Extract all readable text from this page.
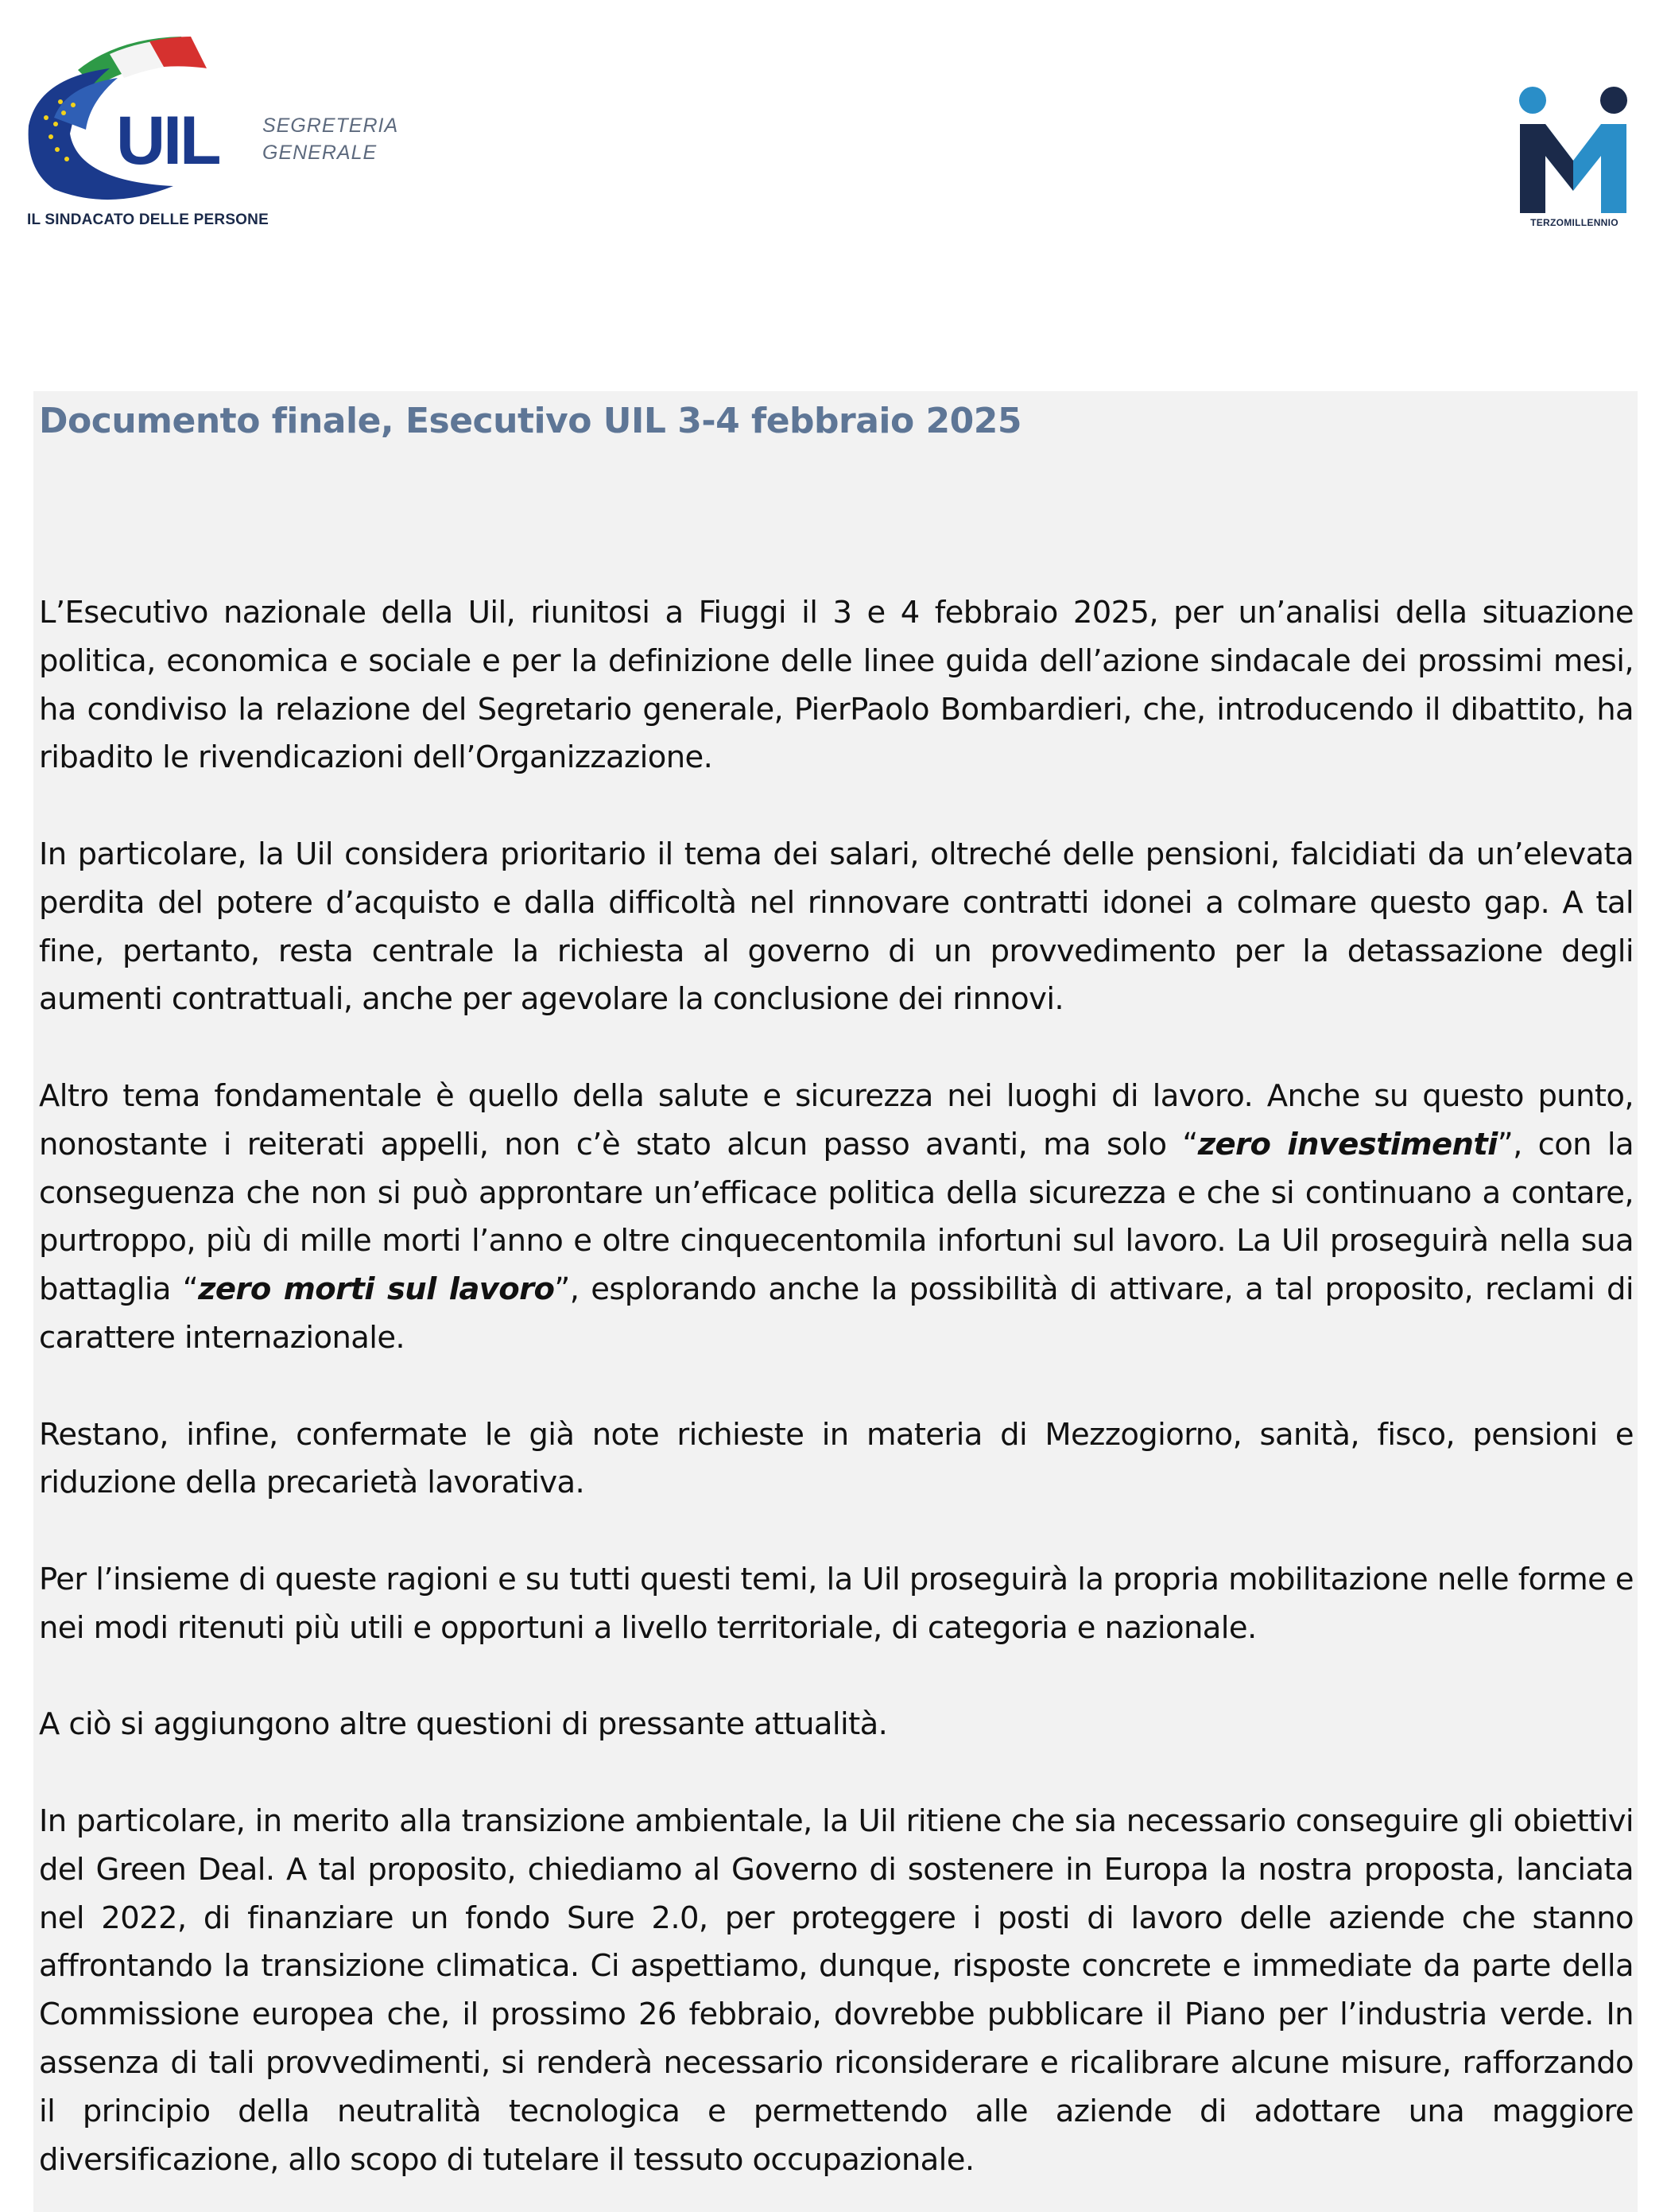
UIL SEGRETERIA
GENERALE
IL SINDACATO DELLE PERSONE	TERZOMILLENNIO
Documento finale, Esecutivo UIL 3-4 febbraio 2025

L’Esecutivo nazionale della Uil, riunitosi a Fiuggi il 3 e 4 febbraio 2025, per un’analisi della situazione politica, economica e sociale e per la definizione delle linee guida dell’azione sindacale dei prossimi mesi, ha condiviso la relazione del Segretario generale, PierPaolo Bombardieri, che, introducendo il dibattito, ha ribadito le rivendicazioni dell’Organizzazione.

In particolare, la Uil considera prioritario il tema dei salari, oltreché delle pensioni, falcidiati da un’elevata perdita del potere d’acquisto e dalla difficoltà nel rinnovare contratti idonei a colmare questo gap. A tal fine, pertanto, resta centrale la richiesta al governo di un provvedimento per la detassazione degli aumenti contrattuali, anche per agevolare la conclusione dei rinnovi.

Altro tema fondamentale è quello della salute e sicurezza nei luoghi di lavoro. Anche su questo punto, nonostante i reiterati appelli, non c’è stato alcun passo avanti, ma solo “zero investimenti”, con la conseguenza che non si può approntare un’efficace politica della sicurezza e che si continuano a contare, purtroppo, più di mille morti l’anno e oltre cinquecentomila infortuni sul lavoro. La Uil proseguirà nella sua battaglia “zero morti sul lavoro”, esplorando anche la possibilità di attivare, a tal proposito, reclami di carattere internazionale.

Restano, infine, confermate le già note richieste in materia di Mezzogiorno, sanità, fisco, pensioni e riduzione della precarietà lavorativa.

Per l’insieme di queste ragioni e su tutti questi temi, la Uil proseguirà la propria mobilitazione nelle forme e nei modi ritenuti più utili e opportuni a livello territoriale, di categoria e nazionale.

A ciò si aggiungono altre questioni di pressante attualità.

In particolare, in merito alla transizione ambientale, la Uil ritiene che sia necessario conseguire gli obiettivi del Green Deal. A tal proposito, chiediamo al Governo di sostenere in Europa la nostra proposta, lanciata nel 2022, di finanziare un fondo Sure 2.0, per proteggere i posti di lavoro delle aziende che stanno affrontando la transizione climatica. Ci aspettiamo, dunque, risposte concrete e immediate da parte della Commissione europea che, il prossimo 26 febbraio, dovrebbe pubblicare il Piano per l’industria verde. In assenza di tali provvedimenti, si renderà necessario riconsiderare e ricalibrare alcune misure, rafforzando il principio della neutralità tecnologica e permettendo alle aziende di adottare una maggiore diversificazione, allo scopo di tutelare il tessuto occupazionale.
